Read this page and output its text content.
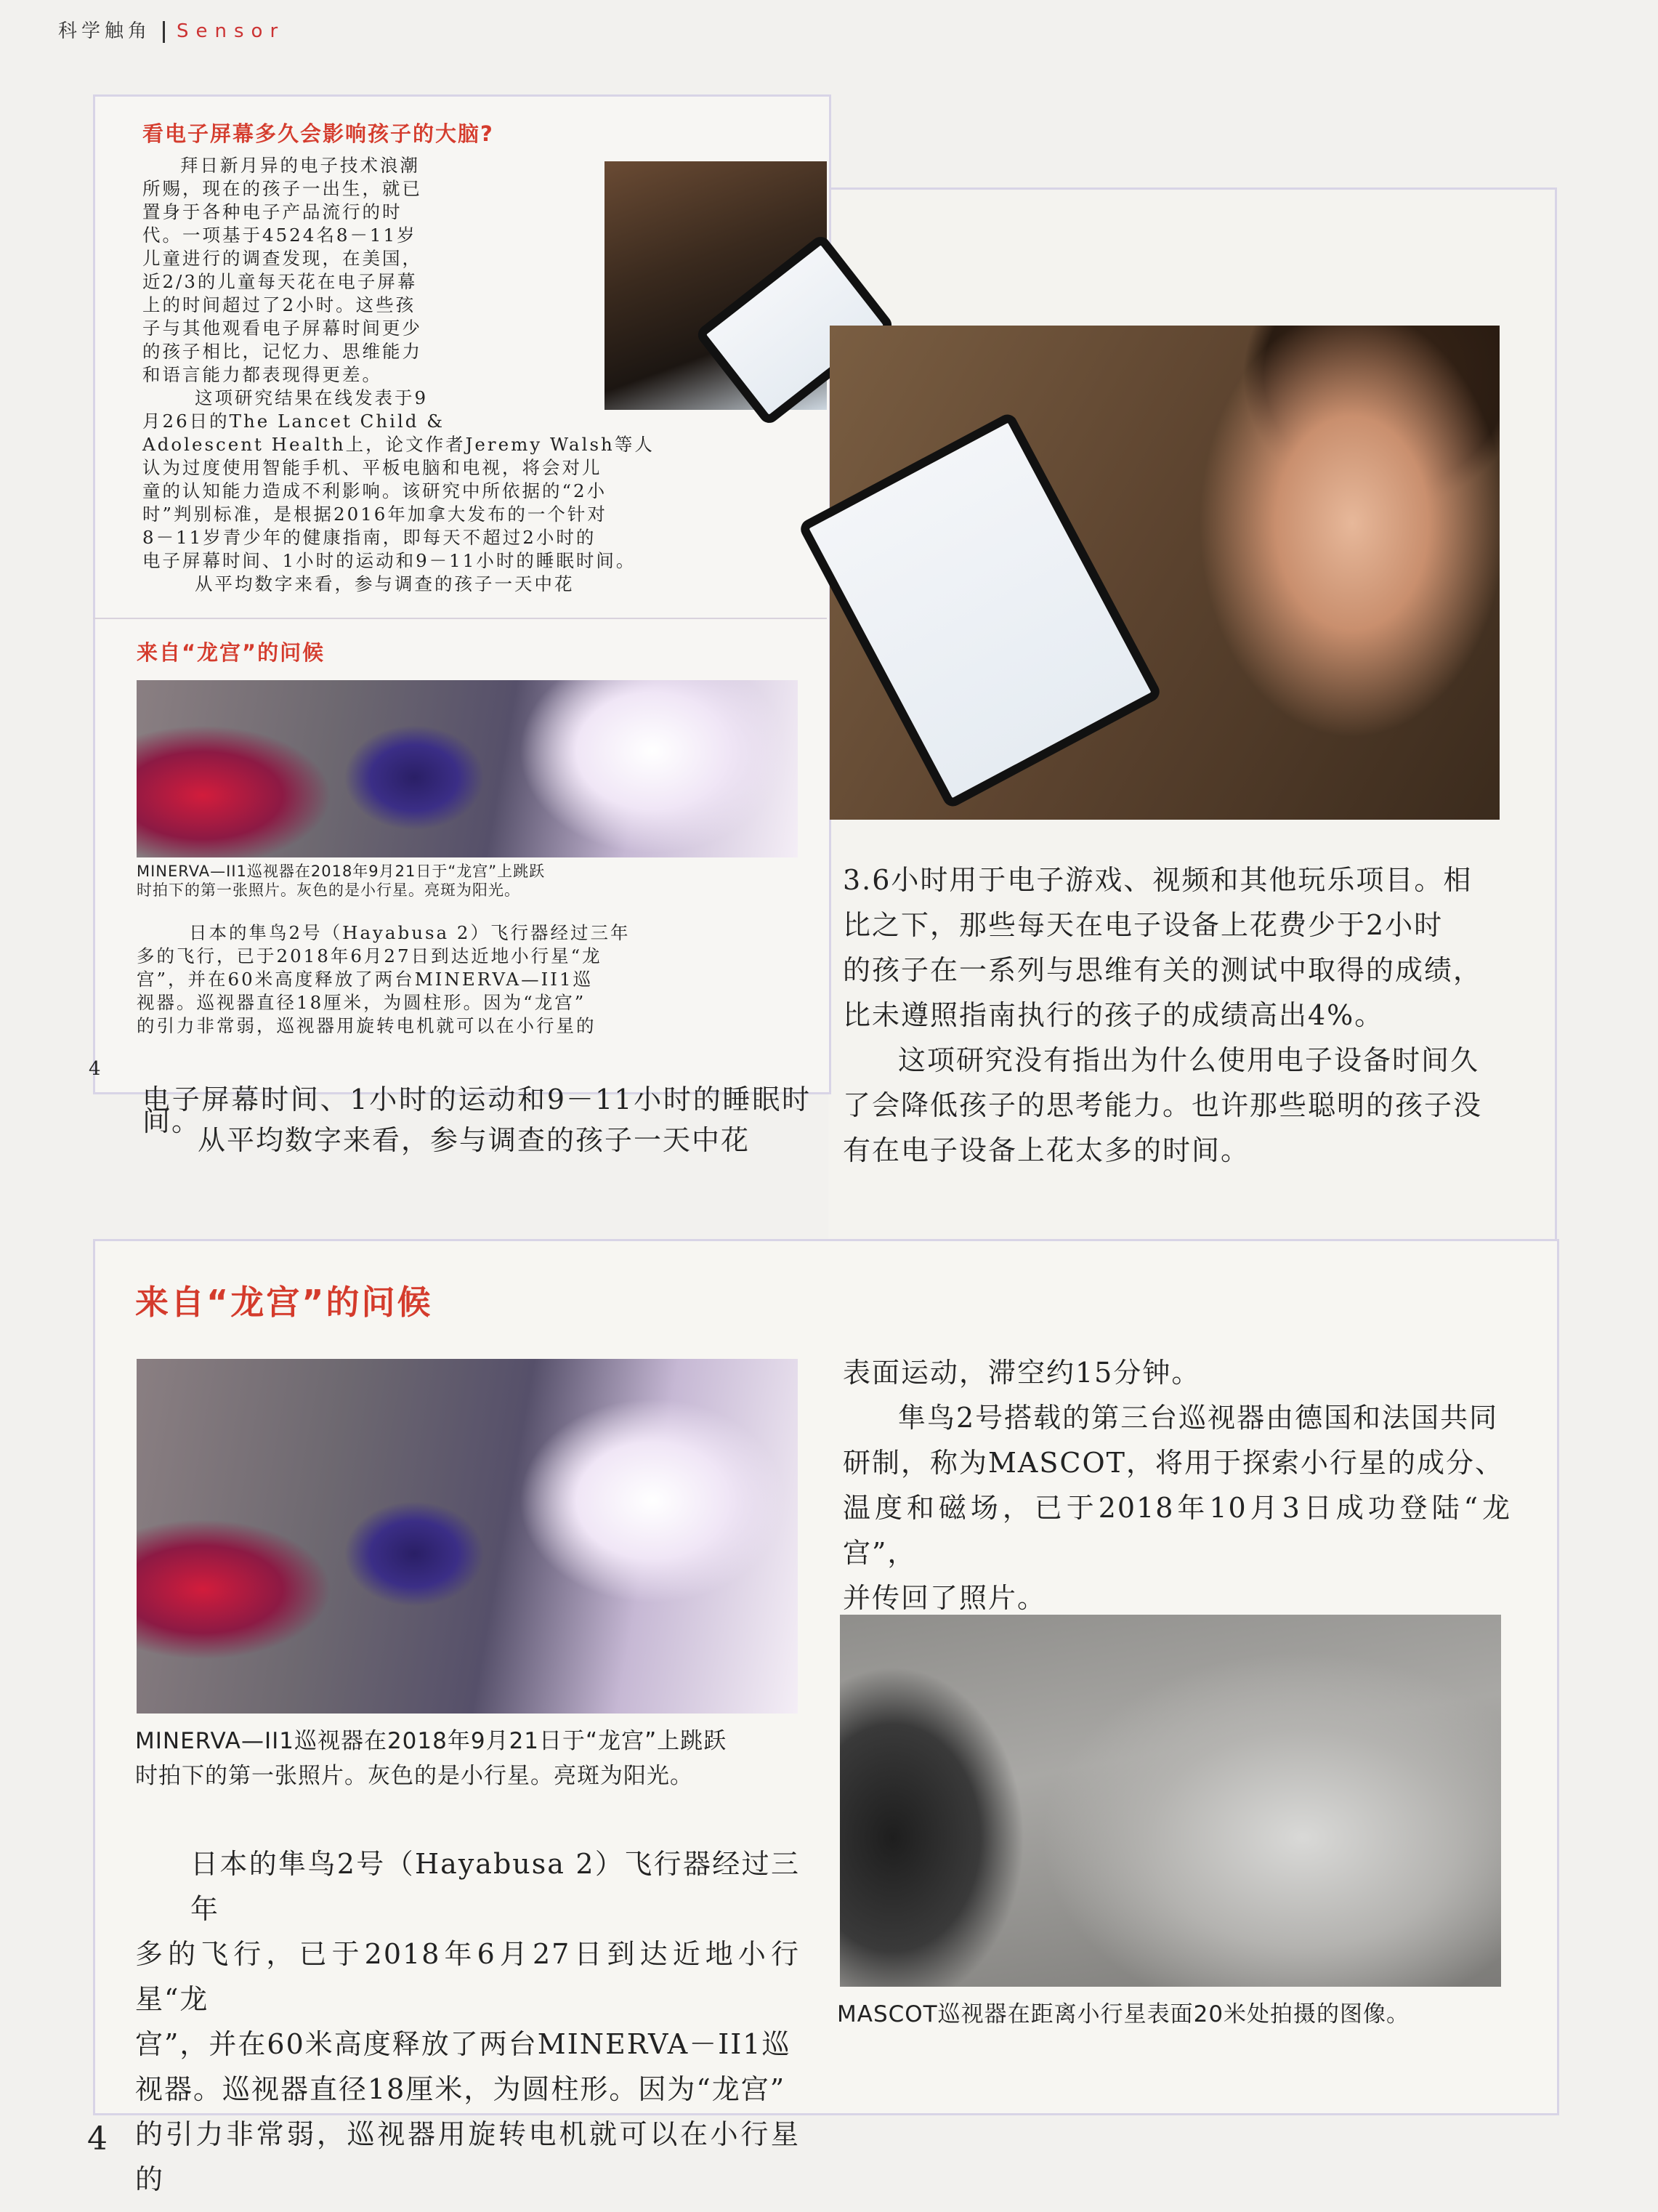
科学触角 Sensor
看电子屏幕多久会影响孩子的大脑?
拜日新月异的电子技术浪潮
所赐，现在的孩子一出生，就已
置身于各种电子产品流行的时
代。一项基于4524名8－11岁
儿童进行的调查发现，在美国，
近2/3的儿童每天花在电子屏幕
上的时间超过了2小时。这些孩
子与其他观看电子屏幕时间更少
的孩子相比，记忆力、思维能力
和语言能力都表现得更差。
这项研究结果在线发表于9
月26日的The Lancet Child &
Adolescent Health上，论文作者Jeremy Walsh等人
认为过度使用智能手机、平板电脑和电视，将会对儿
童的认知能力造成不利影响。该研究中所依据的“2小
时”判别标准，是根据2016年加拿大发布的一个针对
8－11岁青少年的健康指南，即每天不超过2小时的
电子屏幕时间、1小时的运动和9－11小时的睡眠时间。
从平均数字来看，参与调查的孩子一天中花
来自“龙宫”的问候
MINERVA—II1巡视器在2018年9月21日于“龙宫”上跳跃
时拍下的第一张照片。灰色的是小行星。亮斑为阳光。
日本的隼鸟2号（Hayabusa 2）飞行器经过三年
多的飞行，已于2018年6月27日到达近地小行星“龙
宫”，并在60米高度释放了两台MINERVA—II1巡
视器。巡视器直径18厘米，为圆柱形。因为“龙宫”
的引力非常弱，巡视器用旋转电机就可以在小行星的
4
电子屏幕时间、1小时的运动和9－11小时的睡眠时间。
从平均数字来看，参与调查的孩子一天中花
3.6小时用于电子游戏、视频和其他玩乐项目。相
比之下，那些每天在电子设备上花费少于2小时
的孩子在一系列与思维有关的测试中取得的成绩，
比未遵照指南执行的孩子的成绩高出4%。
这项研究没有指出为什么使用电子设备时间久
了会降低孩子的思考能力。也许那些聪明的孩子没
有在电子设备上花太多的时间。
来自“龙宫”的问候
MINERVA—II1巡视器在2018年9月21日于“龙宫”上跳跃
时拍下的第一张照片。灰色的是小行星。亮斑为阳光。
日本的隼鸟2号（Hayabusa 2）飞行器经过三年
多的飞行，已于2018年6月27日到达近地小行星“龙
宫”，并在60米高度释放了两台MINERVA－II1巡
视器。巡视器直径18厘米，为圆柱形。因为“龙宫”
的引力非常弱，巡视器用旋转电机就可以在小行星的
表面运动，滞空约15分钟。
隼鸟2号搭载的第三台巡视器由德国和法国共同
研制，称为MASCOT，将用于探索小行星的成分、
温度和磁场，已于2018年10月3日成功登陆“龙宫”，
并传回了照片。
MASCOT巡视器在距离小行星表面20米处拍摄的图像。
4
